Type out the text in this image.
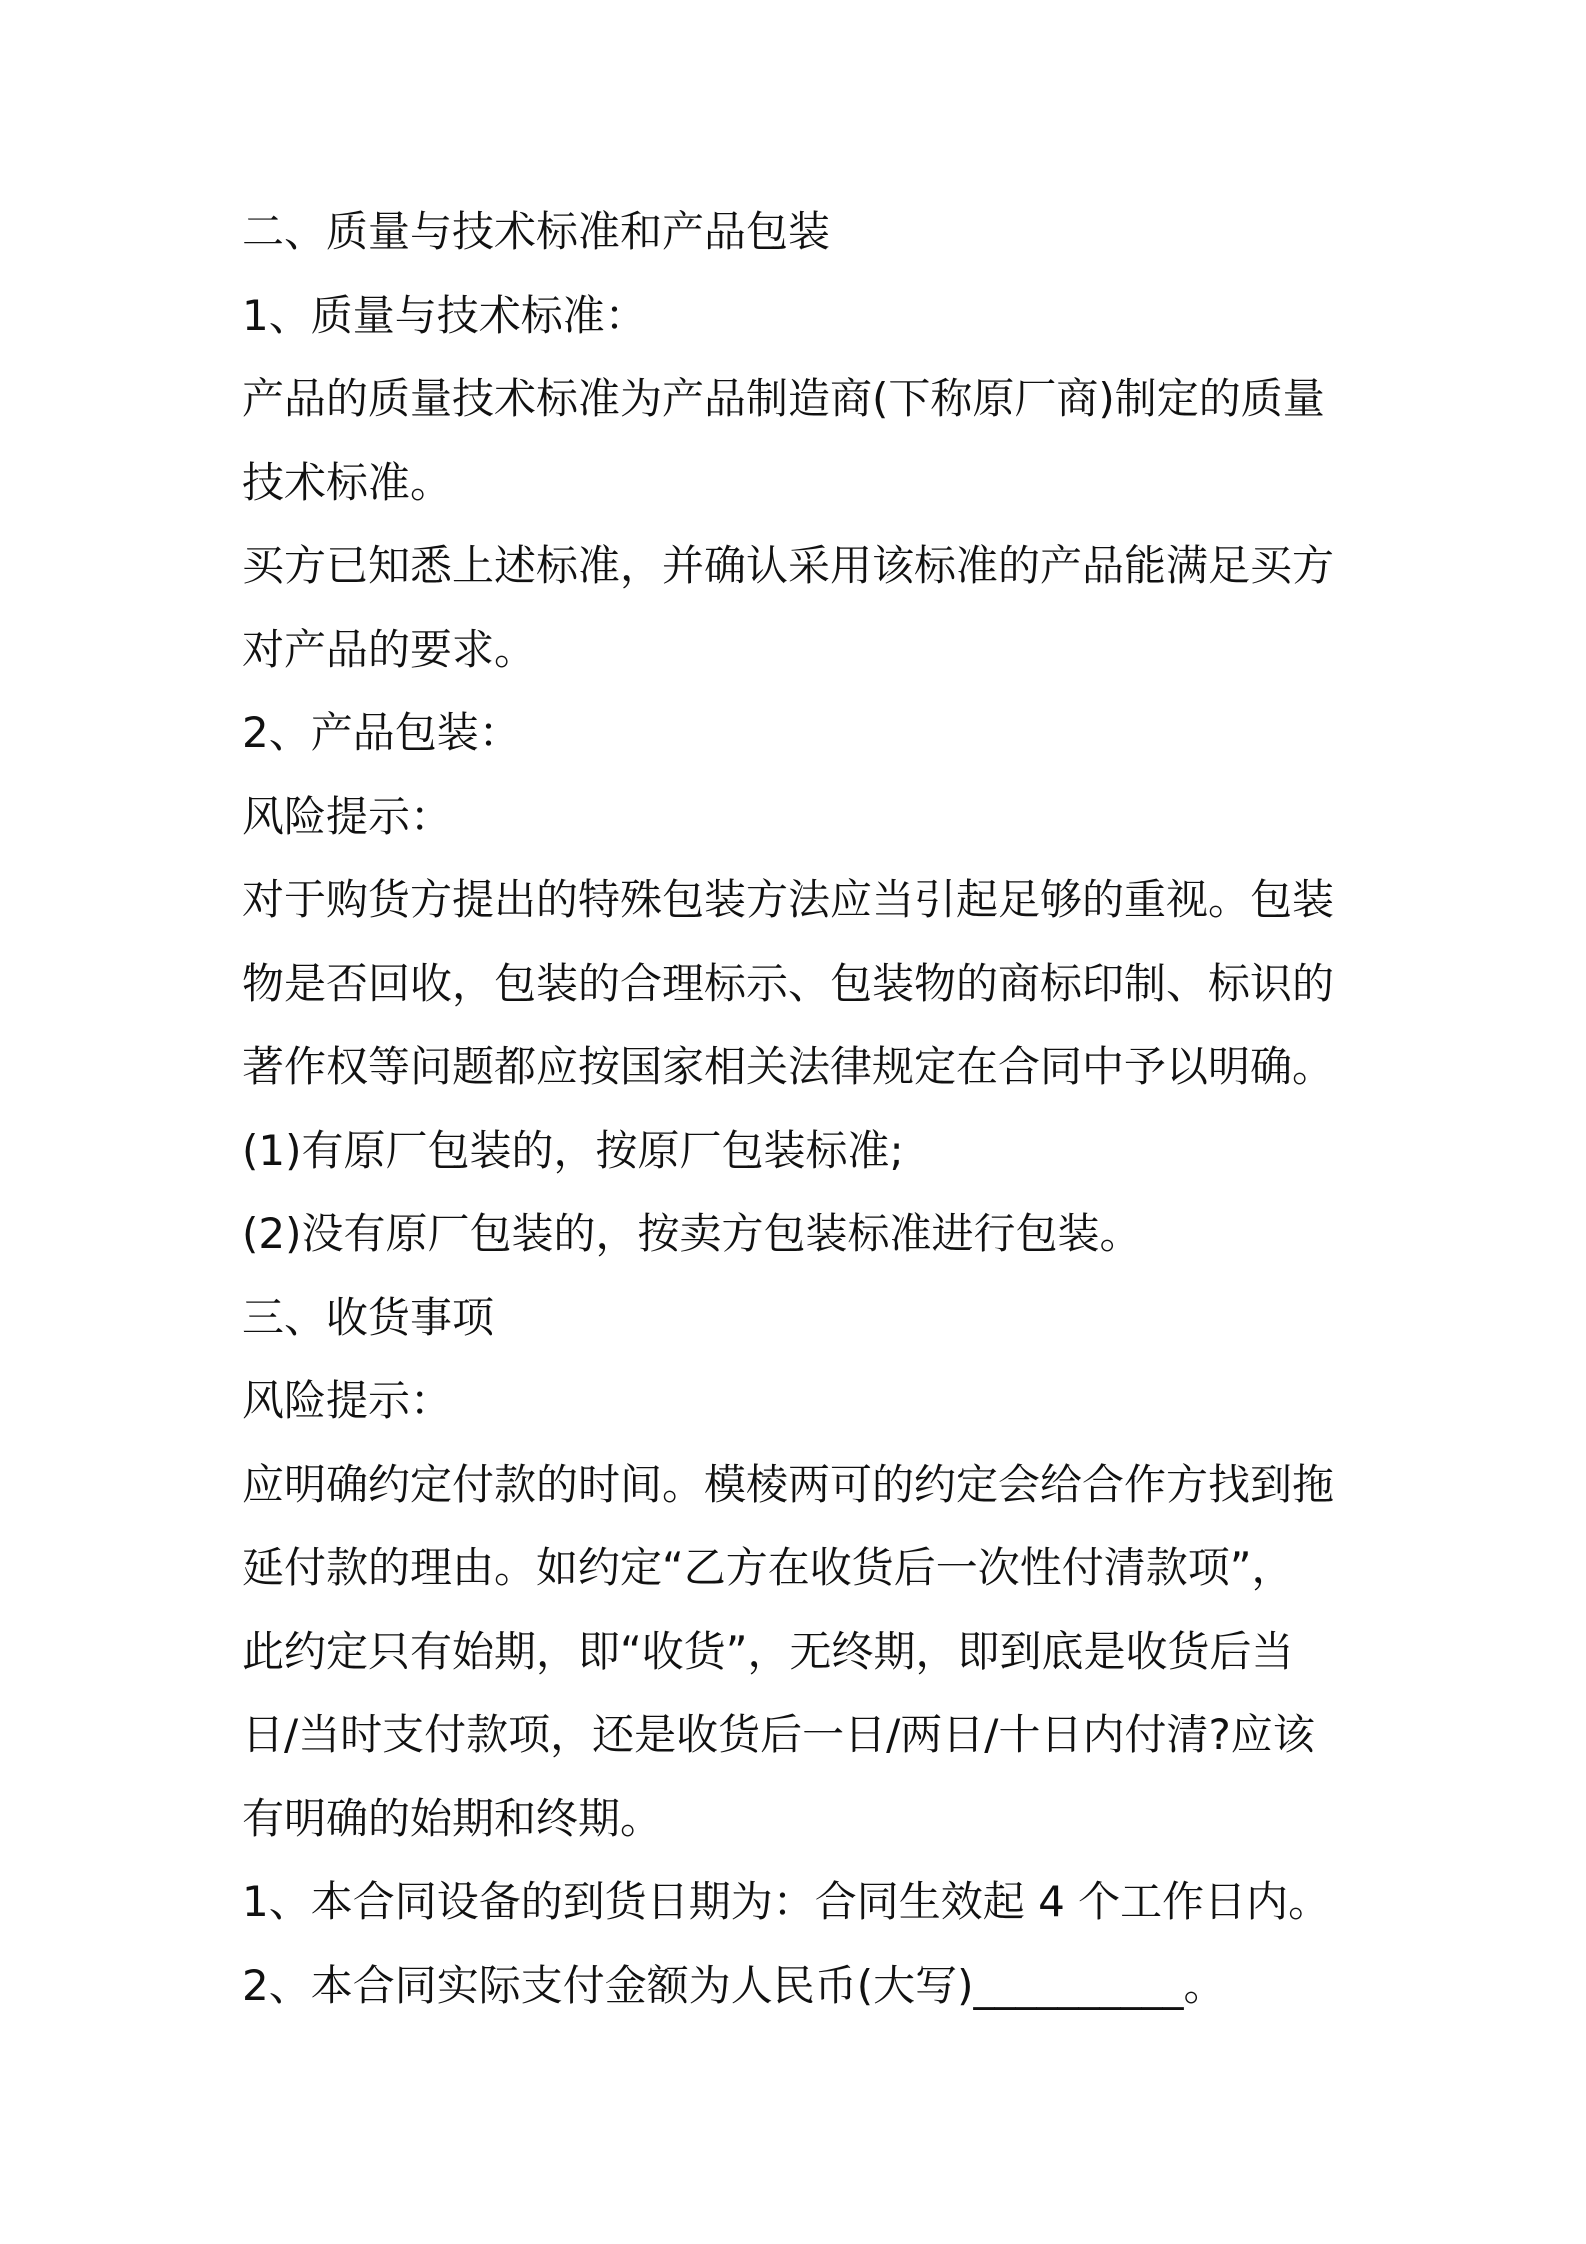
二、质量与技术标准和产品包装
1、质量与技术标准：
产品的质量技术标准为产品制造商(下称原厂商)制定的质量
技术标准。
买方已知悉上述标准，并确认采用该标准的产品能满足买方
对产品的要求。
2、产品包装：
风险提示：
对于购货方提出的特殊包装方法应当引起足够的重视。包装
物是否回收，包装的合理标示、包装物的商标印制、标识的
著作权等问题都应按国家相关法律规定在合同中予以明确。
(1)有原厂包装的，按原厂包装标准;
(2)没有原厂包装的，按卖方包装标准进行包装。
三、收货事项
风险提示：
应明确约定付款的时间。模棱两可的约定会给合作方找到拖
延付款的理由。如约定“乙方在收货后一次性付清款项”，
此约定只有始期，即“收货”，无终期，即到底是收货后当
日/当时支付款项，还是收货后一日/两日/十日内付清?应该
有明确的始期和终期。
1、本合同设备的到货日期为：合同生效起 4 个工作日内。
2、本合同实际支付金额为人民币(大写)__________。
